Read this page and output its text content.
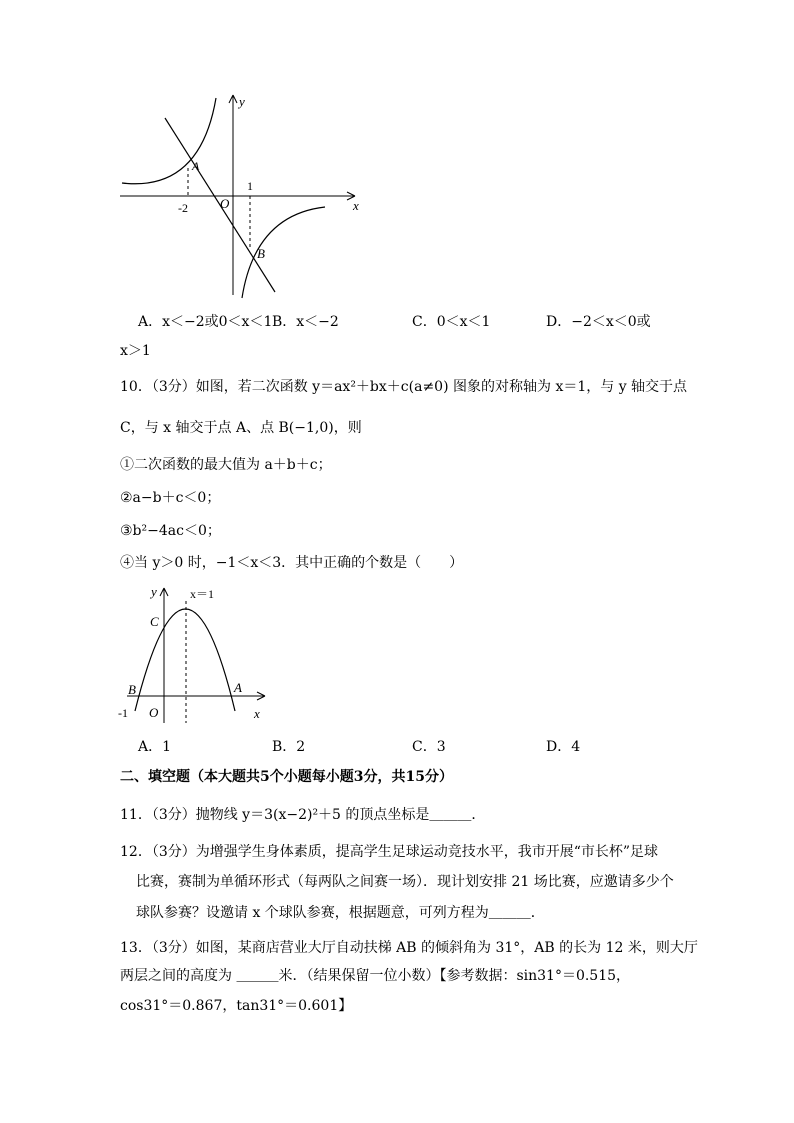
y
x
A
O
-2
1
B
A．x＜−2或0＜x＜1 B．x＜−2	C．0＜x＜1	D．−2＜x＜0或
x＞1
10．（3分）如图，若二次函数 y＝ax²＋bx＋c(a≠0) 图象的对称轴为 x＝1，与 y 轴交于点
C，与 x 轴交于点 A、点 B(−1,0)，则
①二次函数的最大值为 a＋b＋c；
②a−b＋c＜0；
③b²−4ac＜0；
④当 y＞0 时，−1＜x＜3．其中正确的个数是（　　）
y	x＝1
C
B	A
-1 O	x
A．1	B．2	C．3	D．4
二、填空题（本大题共5个小题每小题3分，共15分）
11．（3分）抛物线 y＝3(x−2)²＋5 的顶点坐标是＿＿＿．
12．（3分）为增强学生身体素质，提高学生足球运动竞技水平，我市开展“市长杯”足球
比赛，赛制为单循环形式（每两队之间赛一场）．现计划安排 21 场比赛，应邀请多少个
球队参赛？设邀请 x 个球队参赛，根据题意，可列方程为＿＿＿．
13．（3分）如图，某商店营业大厅自动扶梯 AB 的倾斜角为 31°，AB 的长为 12 米，则大厅
两层之间的高度为 ＿＿＿米．（结果保留一位小数）【参考数据：sin31°＝0.515，
cos31°＝0.867，tan31°＝0.601】
